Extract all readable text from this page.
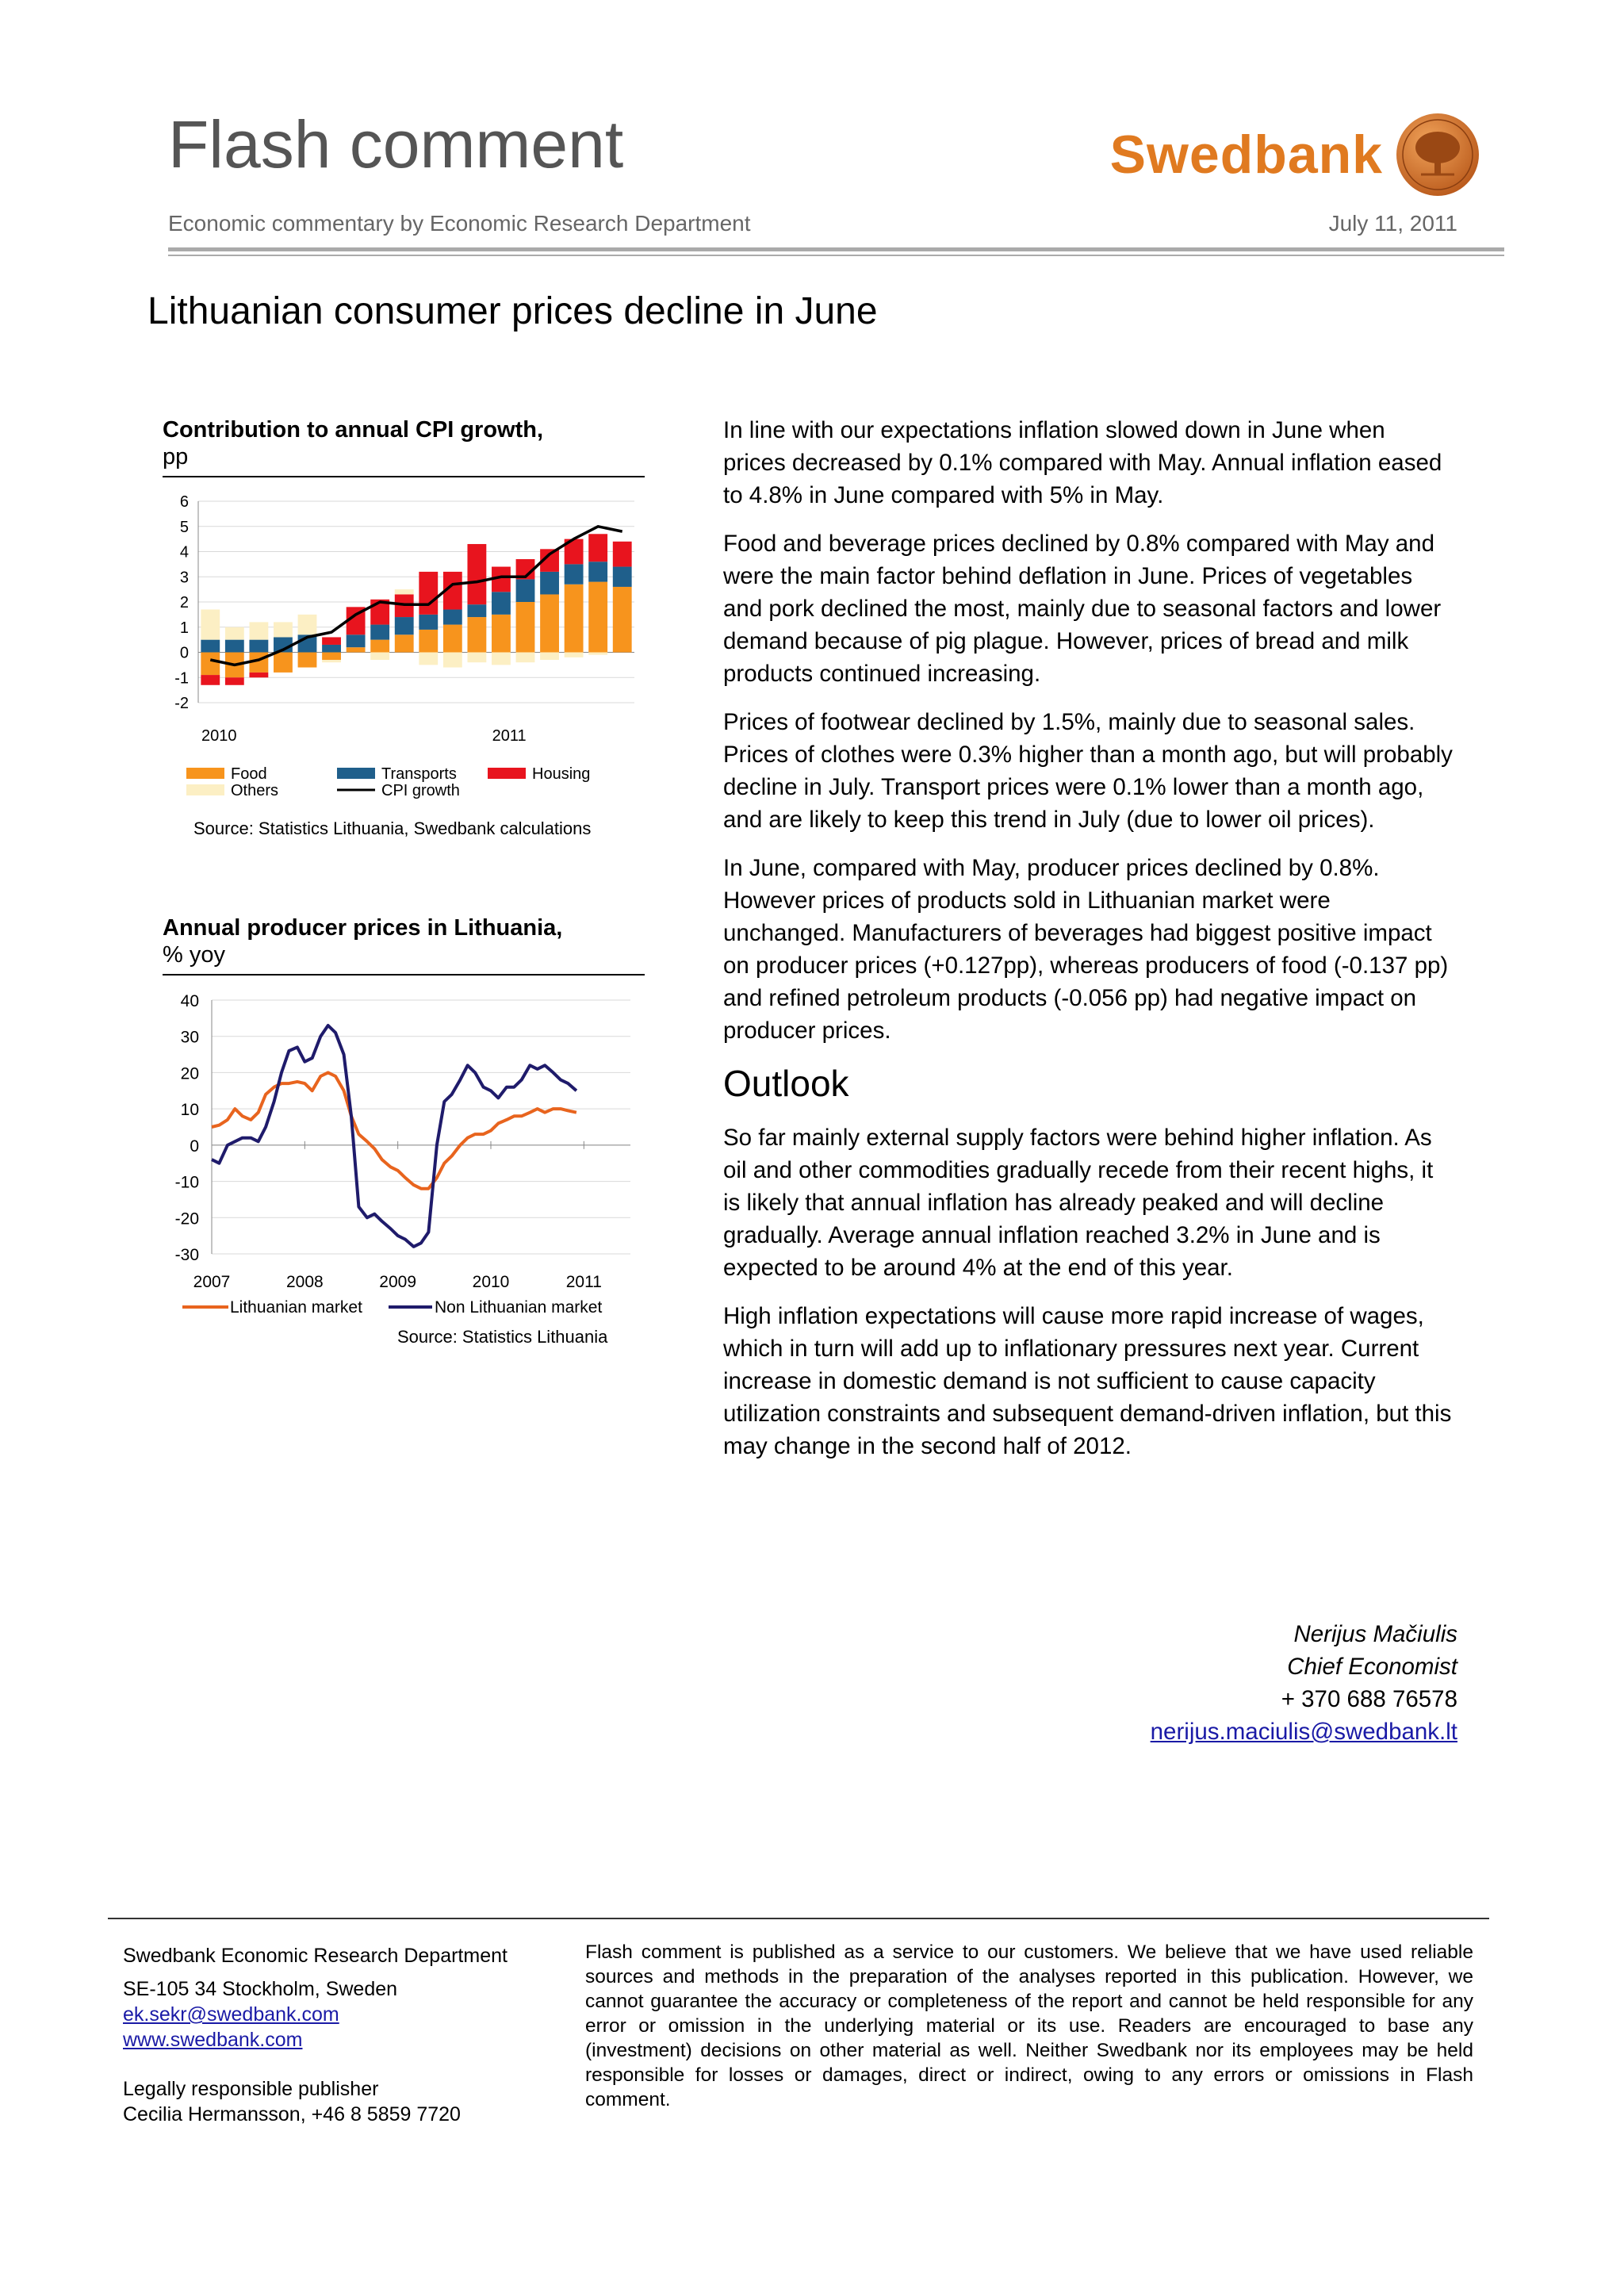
Flash comment	Swedbank
Economic commentary by Economic Research Department	July 11, 2011
Lithuanian consumer prices decline in June
Contribution to annual CPI growth,
pp
6
5
4
3
2
1
0
-1
-2
2010	2011
Food	Transports	Housing
Others	CPI growth
Source: Statistics Lithuania, Swedbank calculations
Annual producer prices in Lithuania,
% yoy
40
30
20
10
0
-10
-20
-30
2007	2008	2009	2010	2011
Lithuanian market	Non Lithuanian market
Source: Statistics Lithuania

In line with our expectations inflation slowed down in June when prices decreased by 0.1% compared with May. Annual inflation eased to 4.8% in June compared with 5% in May.

Food and beverage prices declined by 0.8% compared with May and were the main factor behind deflation in June. Prices of vegetables and pork declined the most, mainly due to seasonal factors and lower demand because of pig plague. However, prices of bread and milk products continued increasing.

Prices of footwear declined by 1.5%, mainly due to seasonal sales. Prices of clothes were 0.3% higher than a month ago, but will probably decline in July. Transport prices were 0.1% lower than a month ago, and are likely to keep this trend in July (due to lower oil prices).

In June, compared with May, producer prices declined by 0.8%. However prices of products sold in Lithuanian market were unchanged. Manufacturers of beverages had biggest positive impact on producer prices (+0.127pp), whereas producers of food (-0.137 pp) and refined petroleum products (-0.056 pp) had negative impact on producer prices.

Outlook

So far mainly external supply factors were behind higher inflation. As oil and other commodities gradually recede from their recent highs, it is likely that annual inflation has already peaked and will decline gradually. Average annual inflation reached 3.2% in June and is expected to be around 4% at the end of this year.

High inflation expectations will cause more rapid increase of wages, which in turn will add up to inflationary pressures next year. Current increase in domestic demand is not sufficient to cause capacity utilization constraints and subsequent demand-driven inflation, but this may change in the second half of 2012.

Nerijus Mačiulis
Chief Economist
+ 370 688 76578
nerijus.maciulis@swedbank.lt
Swedbank Economic Research Department
SE-105 34 Stockholm, Sweden
ek.sekr@swedbank.com
www.swedbank.com
Legally responsible publisher
Cecilia Hermansson, +46 8 5859 7720
Flash comment is published as a service to our customers. We believe that we have used reliable sources and methods in the preparation of the analyses reported in this publication. However, we cannot guarantee the accuracy or completeness of the report and cannot be held responsible for any error or omission in the underlying material or its use. Readers are encouraged to base any (investment) decisions on other material as well. Neither Swedbank nor its employees may be held responsible for losses or damages, direct or indirect, owing to any errors or omissions in Flash comment.
